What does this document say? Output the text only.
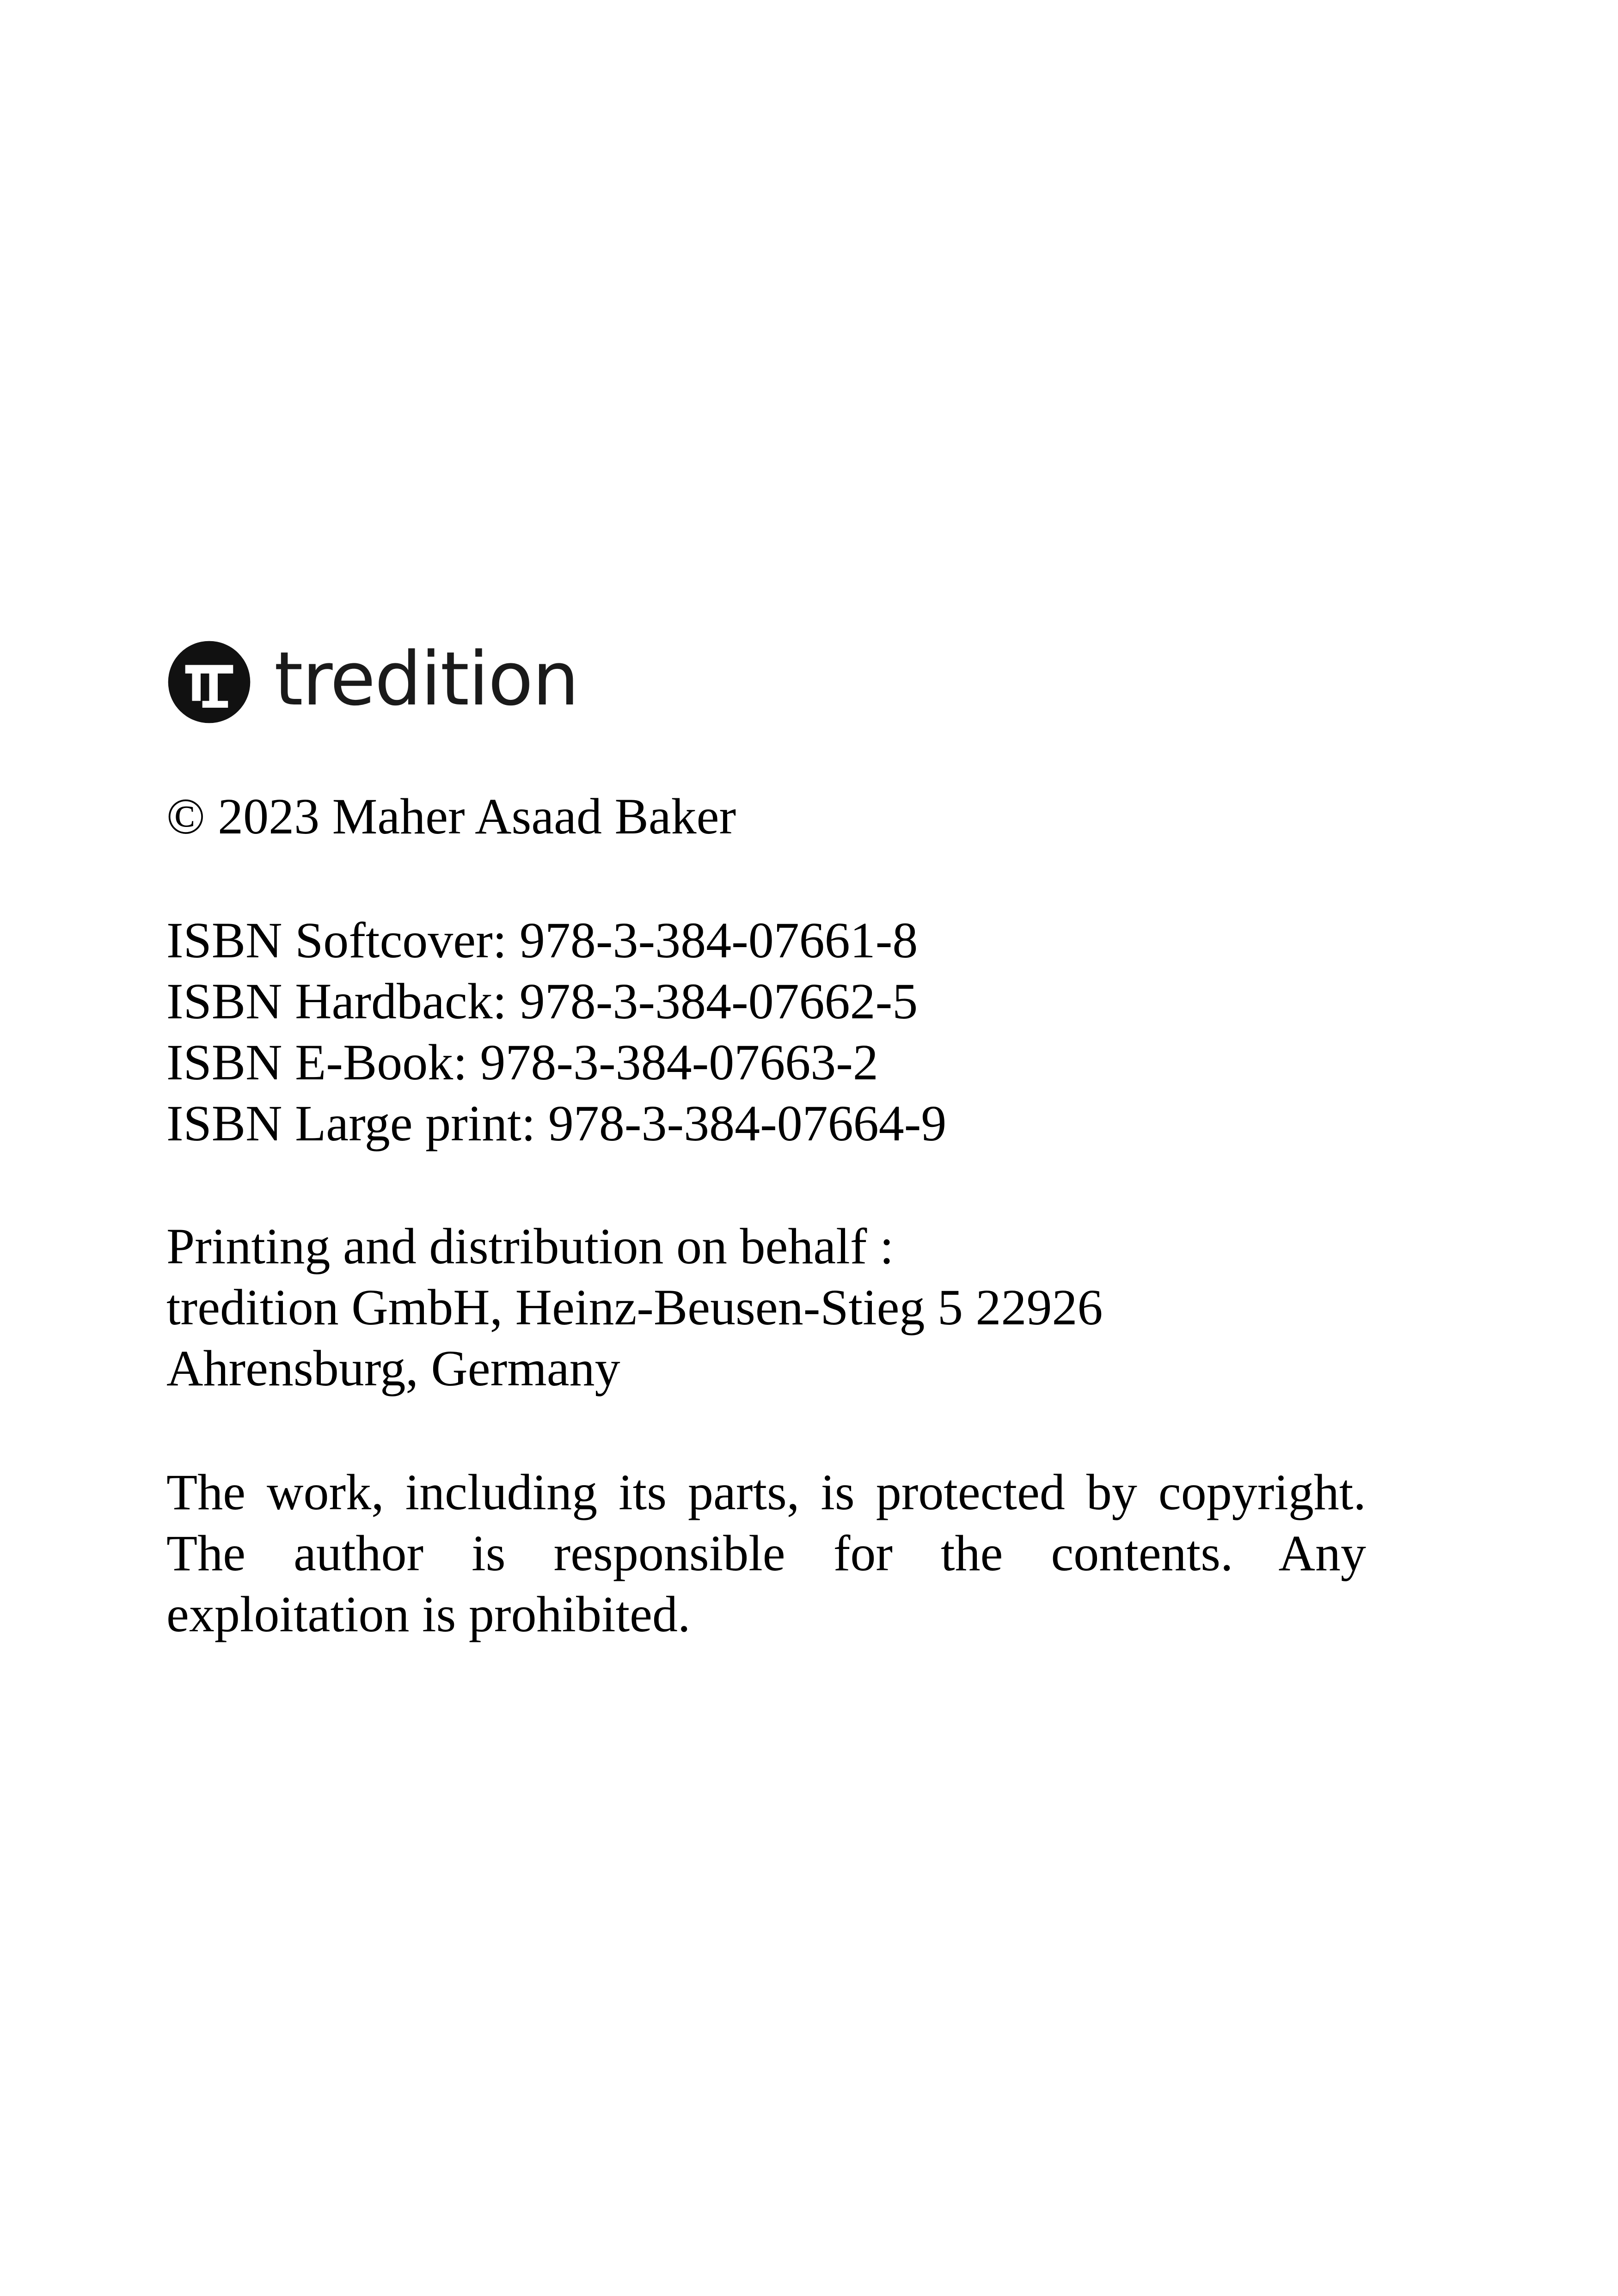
tredition
© 2023 Maher Asaad Baker
ISBN Softcover: 978-3-384-07661-8
ISBN Hardback: 978-3-384-07662-5
ISBN E-Book: 978-3-384-07663-2
ISBN Large print: 978-3-384-07664-9
Printing and distribution on behalf :
tredition GmbH, Heinz-Beusen-Stieg 5 22926
Ahrensburg, Germany
The work, including its parts, is protected by copyright. The author is responsible for the contents. Any exploitation is prohibited.
